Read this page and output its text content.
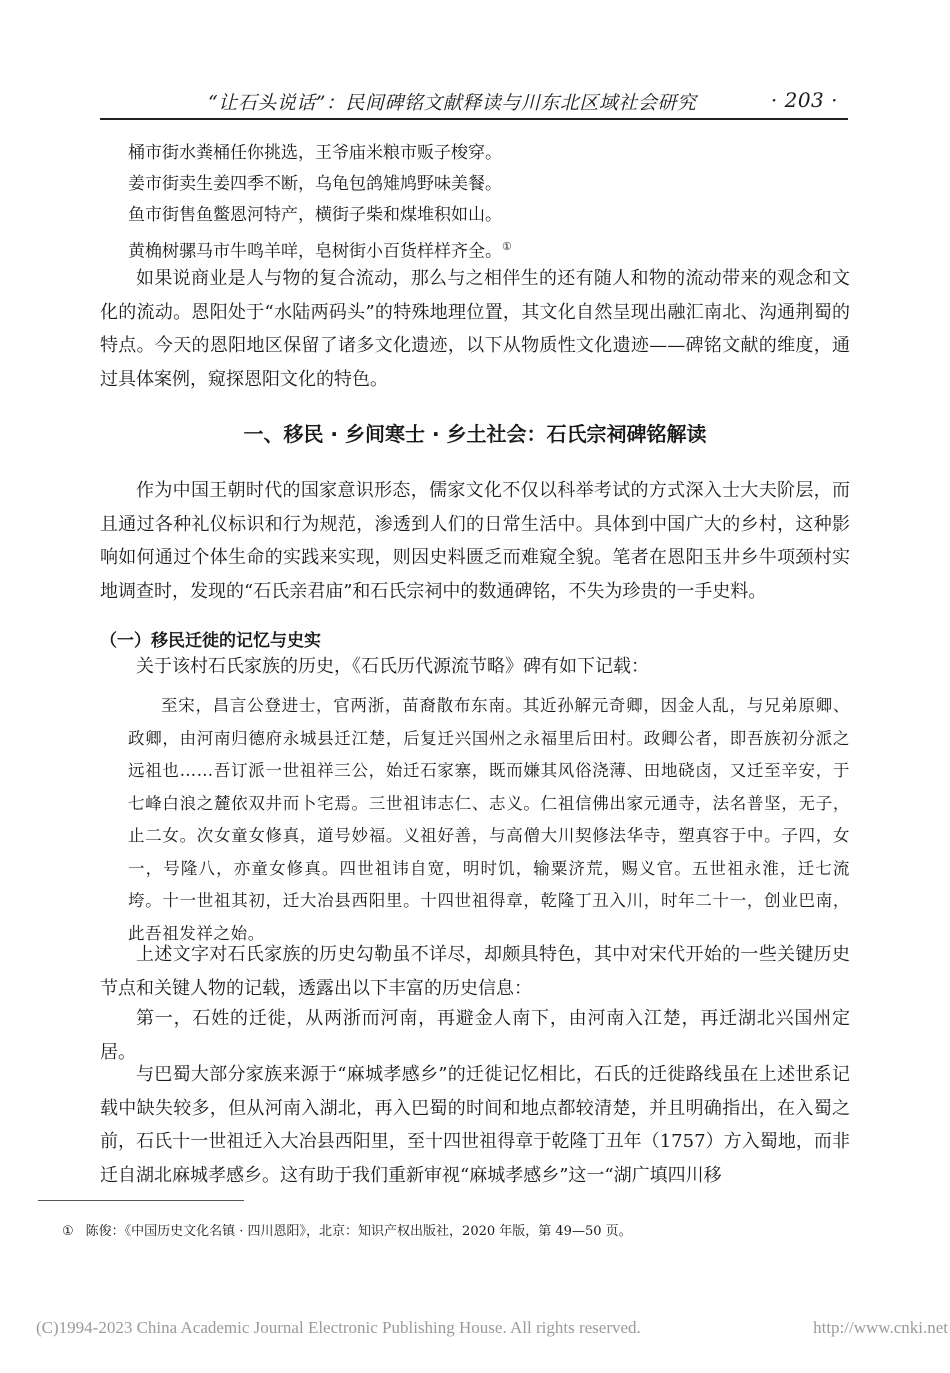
“让石头说话”：民间碑铭文献释读与川东北区域社会研究	· 203 ·
桶市街水粪桶任你挑选，王爷庙米粮市贩子梭穿。
姜市街卖生姜四季不断，乌龟包鸽雉鸠野味美餐。
鱼市街售鱼鳖恩河特产，横街子柴和煤堆积如山。
黄桷树骡马市牛鸣羊咩，皂树街小百货样样齐全。①
如果说商业是人与物的复合流动，那么与之相伴生的还有随人和物的流动带来的观念和文化的流动。恩阳处于“水陆两码头”的特殊地理位置，其文化自然呈现出融汇南北、沟通荆蜀的特点。今天的恩阳地区保留了诸多文化遗迹，以下从物质性文化遗迹——碑铭文献的维度，通过具体案例，窥探恩阳文化的特色。
一、移民 · 乡间寒士 · 乡土社会：石氏宗祠碑铭解读
作为中国王朝时代的国家意识形态，儒家文化不仅以科举考试的方式深入士大夫阶层，而且通过各种礼仪标识和行为规范，渗透到人们的日常生活中。具体到中国广大的乡村，这种影响如何通过个体生命的实践来实现，则因史料匮乏而难窥全貌。笔者在恩阳玉井乡牛项颈村实地调查时，发现的“石氏亲君庙”和石氏宗祠中的数通碑铭，不失为珍贵的一手史料。
（一）移民迁徙的记忆与史实
关于该村石氏家族的历史，《石氏历代源流节略》碑有如下记载：
至宋，昌言公登进士，官两浙，苗裔散布东南。其近孙解元奇卿，因金人乱，与兄弟原卿、政卿，由河南归德府永城县迁江楚，后复迁兴国州之永福里后田村。政卿公者，即吾族初分派之远祖也……吾订派一世祖祥三公，始迁石家寨，既而嫌其风俗浇薄、田地硗卤，又迁至辛安，于七峰白浪之麓依双井而卜宅焉。三世祖讳志仁、志义。仁祖信佛出家元通寺，法名普坚，无子，止二女。次女童女修真，道号妙福。义祖好善，与高僧大川契修法华寺，塑真容于中。子四，女一，号隆八，亦童女修真。四世祖讳自宽，明时饥，输粟济荒，赐义官。五世祖永淮，迁七流垮。十一世祖其初，迁大冶县西阳里。十四世祖得章，乾隆丁丑入川，时年二十一，创业巴南，此吾祖发祥之始。
上述文字对石氏家族的历史勾勒虽不详尽，却颇具特色，其中对宋代开始的一些关键历史节点和关键人物的记载，透露出以下丰富的历史信息：
第一，石姓的迁徙，从两浙而河南，再避金人南下，由河南入江楚，再迁湖北兴国州定居。
与巴蜀大部分家族来源于“麻城孝感乡”的迁徙记忆相比，石氏的迁徙路线虽在上述世系记载中缺失较多，但从河南入湖北，再入巴蜀的时间和地点都较清楚，并且明确指出，在入蜀之前，石氏十一世祖迁入大冶县西阳里，至十四世祖得章于乾隆丁丑年（1757）方入蜀地，而非迁自湖北麻城孝感乡。这有助于我们重新审视“麻城孝感乡”这一“湖广填四川移
① 陈俊：《中国历史文化名镇 · 四川恩阳》，北京：知识产权出版社，2020 年版，第 49—50 页。
(C)1994-2023 China Academic Journal Electronic Publishing House. All rights reserved.	http://www.cnki.net
